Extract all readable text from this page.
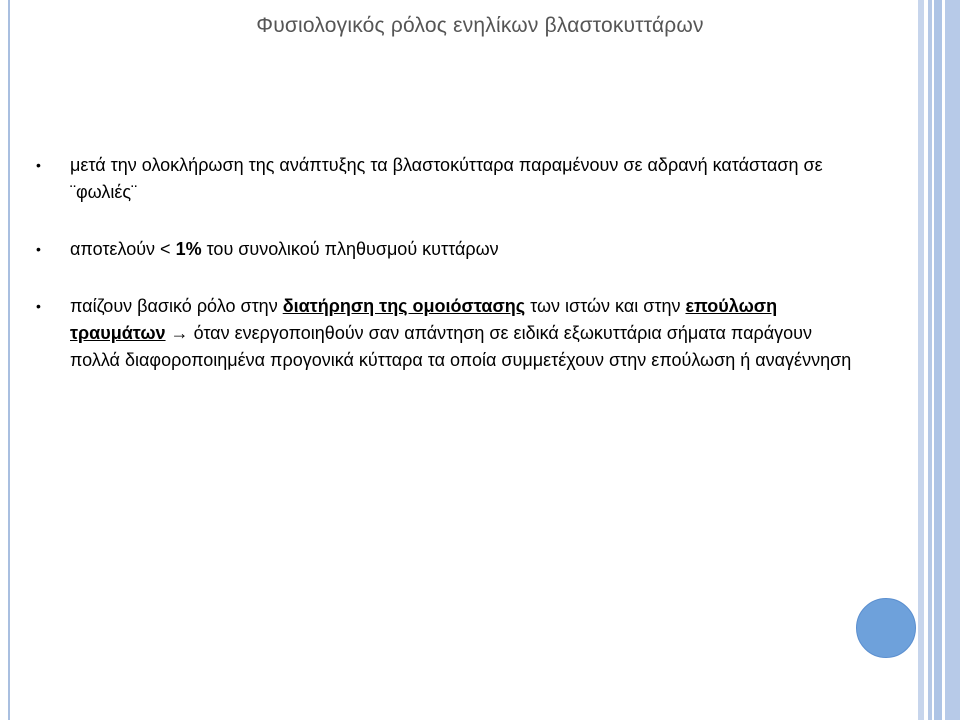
Φυσιολογικός ρόλος ενηλίκων βλαστοκυττάρων
•	μετά την ολοκλήρωση της ανάπτυξης τα βλαστοκύτταρα παραμένουν σε αδρανή κατάσταση σε ¨φωλιές¨
•	αποτελούν < 1% του συνολικού πληθυσμού κυττάρων
•	παίζουν βασικό ρόλο στην διατήρηση της ομοιόστασης των ιστών και στην επούλωση τραυμάτων → όταν ενεργοποιηθούν σαν απάντηση σε ειδικά εξωκυττάρια σήματα παράγουν πολλά διαφοροποιημένα προγονικά κύτταρα τα οποία συμμετέχουν στην επούλωση ή αναγέννηση
